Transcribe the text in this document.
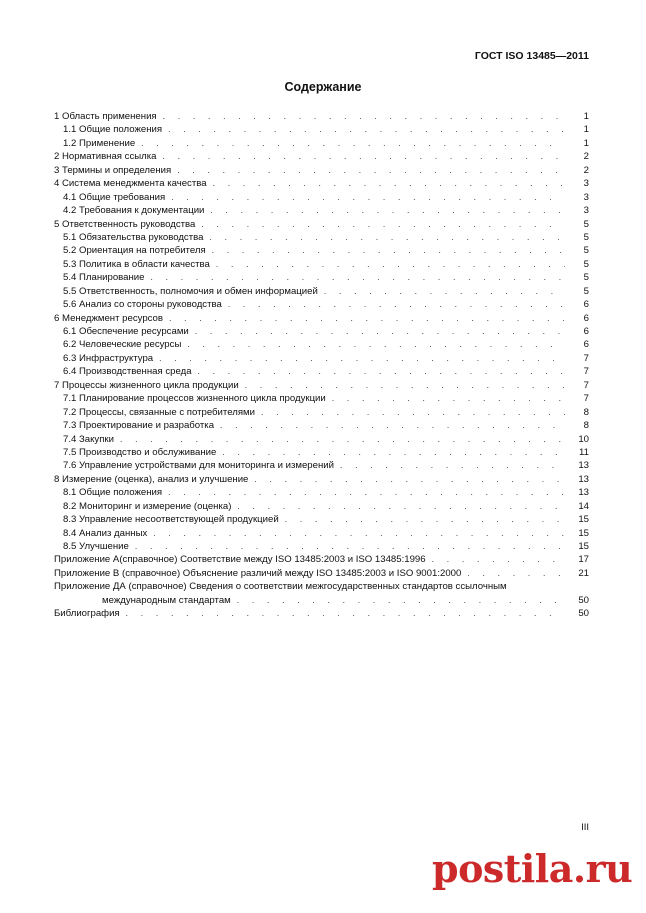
ГОСТ ISO 13485—2011
Содержание
1 Область применения . . .	1
1.1 Общие положения . . .	1
1.2 Применение . . .	1
2 Нормативная ссылка . . .	2
3 Термины и определения . . .	2
4 Система менеджмента качества . . .	3
4.1 Общие требования . . .	3
4.2 Требования к документации . . .	3
5 Ответственность руководства . . .	5
5.1 Обязательства руководства . . .	5
5.2 Ориентация на потребителя . . .	5
5.3 Политика в области качества . . .	5
5.4 Планирование . . .	5
5.5 Ответственность, полномочия и обмен информацией . . .	5
5.6 Анализ со стороны руководства . . .	6
6 Менеджмент ресурсов . . .	6
6.1 Обеспечение ресурсами . . .	6
6.2 Человеческие ресурсы . . .	6
6.3 Инфраструктура . . .	7
6.4 Производственная среда . . .	7
7 Процессы жизненного цикла продукции . . .	7
7.1 Планирование процессов жизненного цикла продукции . . .	7
7.2 Процессы, связанные с потребителями . . .	8
7.3 Проектирование и разработка . . .	8
7.4 Закупки . . .	10
7.5 Производство и обслуживание . . .	11
7.6 Управление устройствами для мониторинга и измерений . . .	13
8 Измерение (оценка), анализ и улучшение . . .	13
8.1 Общие положения . . .	13
8.2 Мониторинг и измерение (оценка) . . .	14
8.3 Управление несоответствующей продукцией . . .	15
8.4 Анализ данных . . .	15
8.5 Улучшение . . .	15
Приложение А(справочное) Соответствие между ISO 13485:2003 и ISO 13485:1996 . . .	17
Приложение В (справочное) Объяснение различий между ISO 13485:2003 и ISO 9001:2000 . . .	21
Приложение ДА (справочное) Сведения о соответствии межгосударственных стандартов ссылочным
международным стандартам . . .	50
Библиография . . .	50
III
postila.ru
